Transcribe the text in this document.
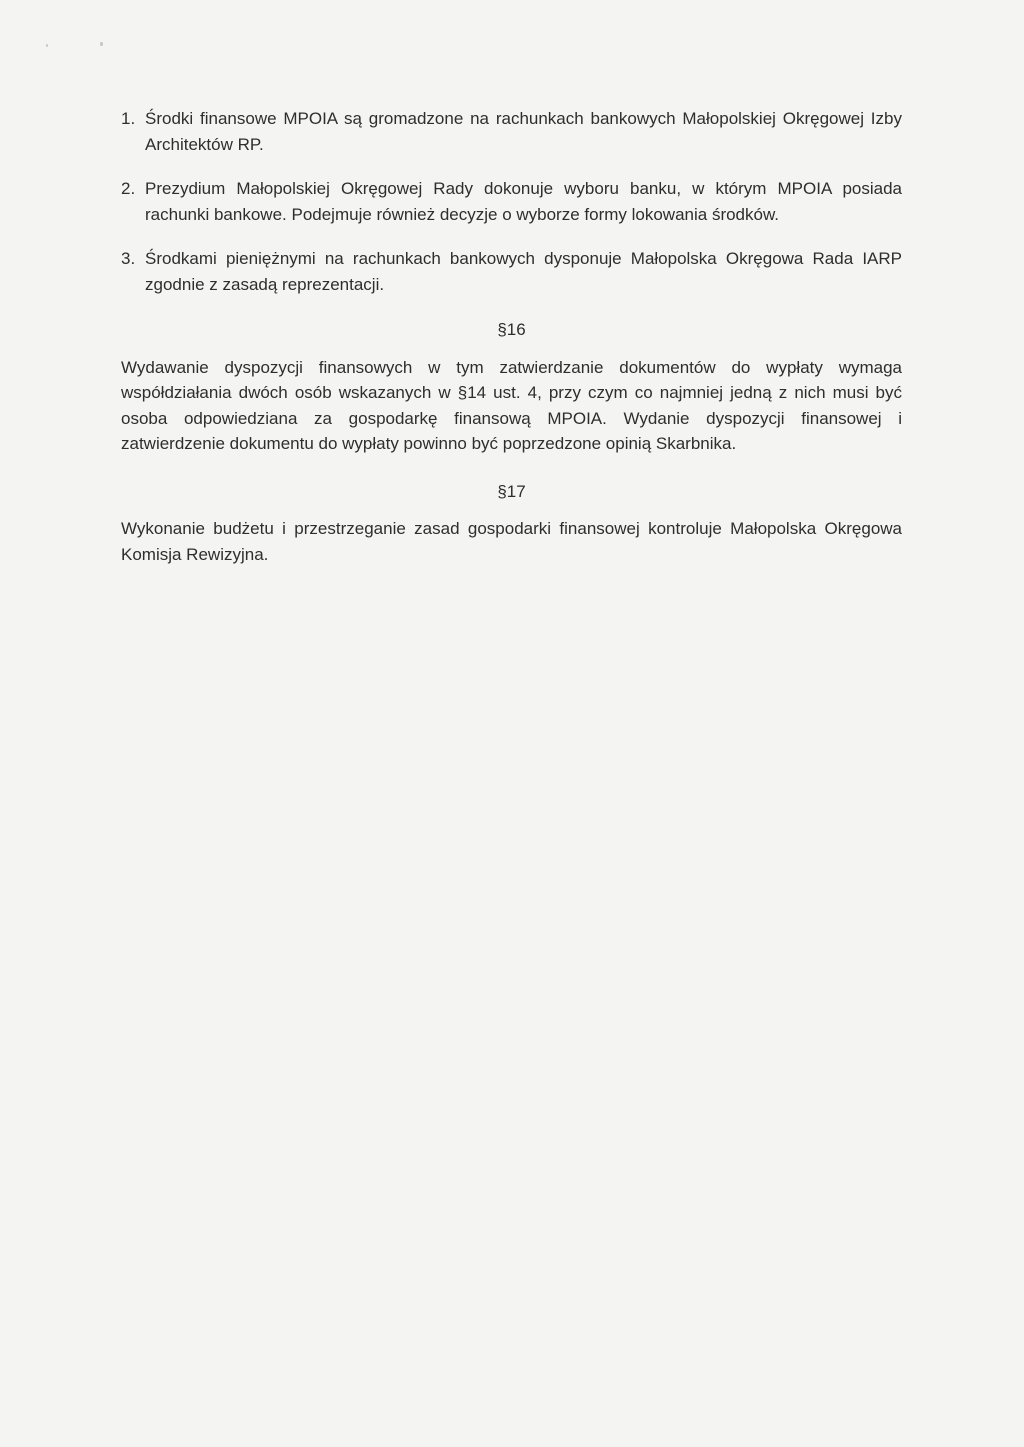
1. Środki finansowe MPOIA są gromadzone na rachunkach bankowych Małopolskiej Okręgowej Izby Architektów RP.
2. Prezydium Małopolskiej Okręgowej Rady dokonuje wyboru banku, w którym MPOIA posiada rachunki bankowe. Podejmuje również decyzje o wyborze formy lokowania środków.
3. Środkami pieniężnymi na rachunkach bankowych dysponuje Małopolska Okręgowa Rada IARP zgodnie z zasadą reprezentacji.
§16

Wydawanie dyspozycji finansowych w tym zatwierdzanie dokumentów do wypłaty wymaga współdziałania dwóch osób wskazanych w §14 ust. 4, przy czym co najmniej jedną z nich musi być osoba odpowiedziana za gospodarkę finansową MPOIA. Wydanie dyspozycji finansowej i zatwierdzenie dokumentu do wypłaty powinno być poprzedzone opinią Skarbnika.

§17

Wykonanie budżetu i przestrzeganie zasad gospodarki finansowej kontroluje Małopolska Okręgowa Komisja Rewizyjna.
